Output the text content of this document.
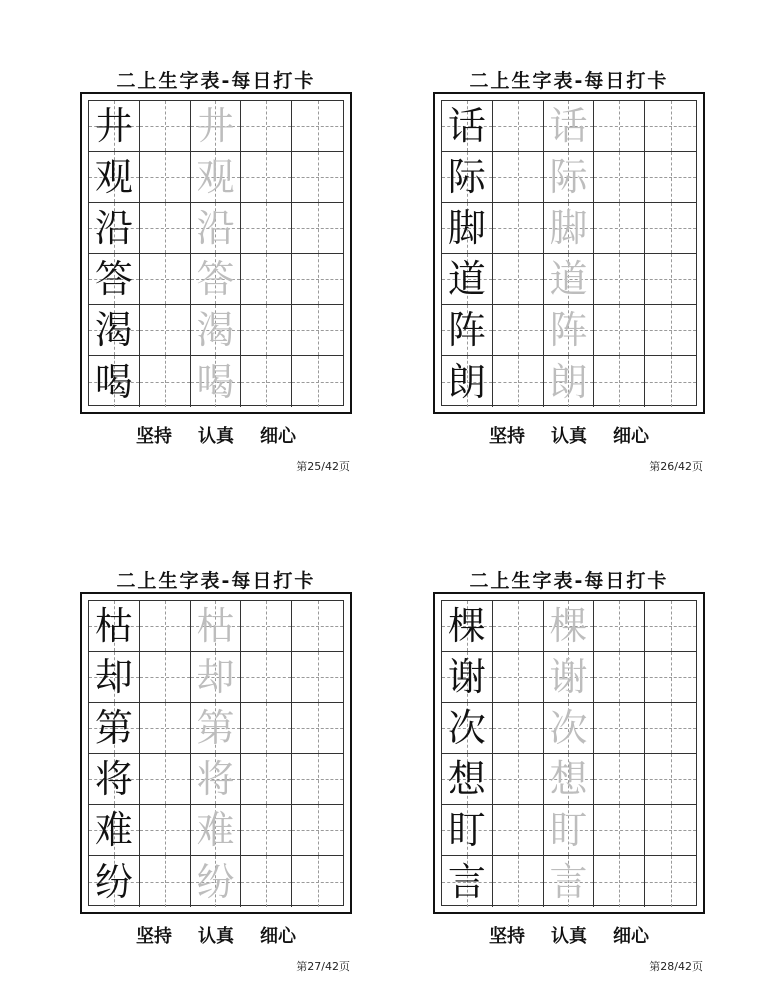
二上生字表-每日打卡
井 井
观 观
沿 沿
答 答
渴 渴
喝 喝
坚持 认真 细心
第25/42页
二上生字表-每日打卡
话 话
际 际
脚 脚
道 道
阵 阵
朗 朗
坚持 认真 细心
第26/42页
二上生字表-每日打卡
枯 枯
却 却
第 第
将 将
难 难
纷 纷
坚持 认真 细心
第27/42页
二上生字表-每日打卡
棵 棵
谢 谢
次 次
想 想
盯 盯
言 言
坚持 认真 细心
第28/42页
